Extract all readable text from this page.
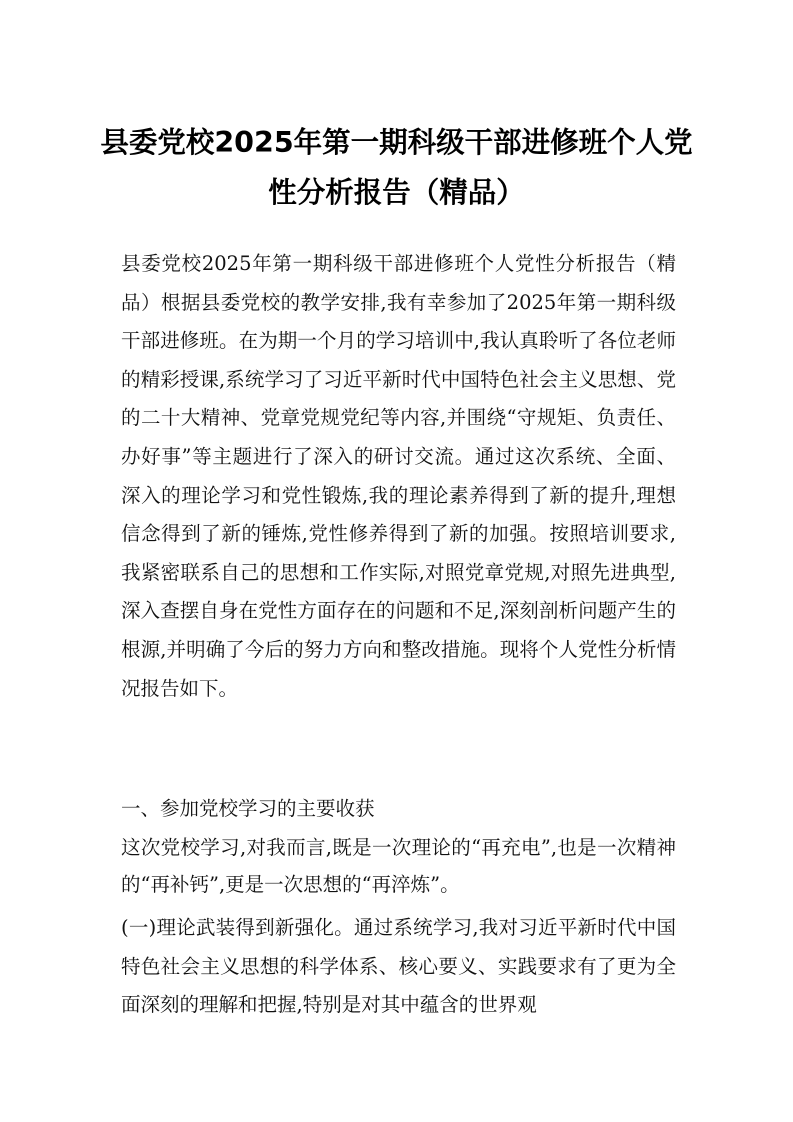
县委党校2025年第一期科级干部进修班个人党性分析报告（精品）

县委党校2025年第一期科级干部进修班个人党性分析报告（精品）根据县委党校的教学安排,我有幸参加了2025年第一期科级干部进修班。在为期一个月的学习培训中,我认真聆听了各位老师的精彩授课,系统学习了习近平新时代中国特色社会主义思想、党的二十大精神、党章党规党纪等内容,并围绕“守规矩、负责任、办好事”等主题进行了深入的研讨交流。通过这次系统、全面、深入的理论学习和党性锻炼,我的理论素养得到了新的提升,理想信念得到了新的锤炼,党性修养得到了新的加强。按照培训要求,我紧密联系自己的思想和工作实际,对照党章党规,对照先进典型,深入查摆自身在党性方面存在的问题和不足,深刻剖析问题产生的根源,并明确了今后的努力方向和整改措施。现将个人党性分析情况报告如下。

一、参加党校学习的主要收获

这次党校学习,对我而言,既是一次理论的“再充电”,也是一次精神的“再补钙”,更是一次思想的“再淬炼”。

(一)理论武装得到新强化。通过系统学习,我对习近平新时代中国特色社会主义思想的科学体系、核心要义、实践要求有了更为全面深刻的理解和把握,特别是对其中蕴含的世界观
